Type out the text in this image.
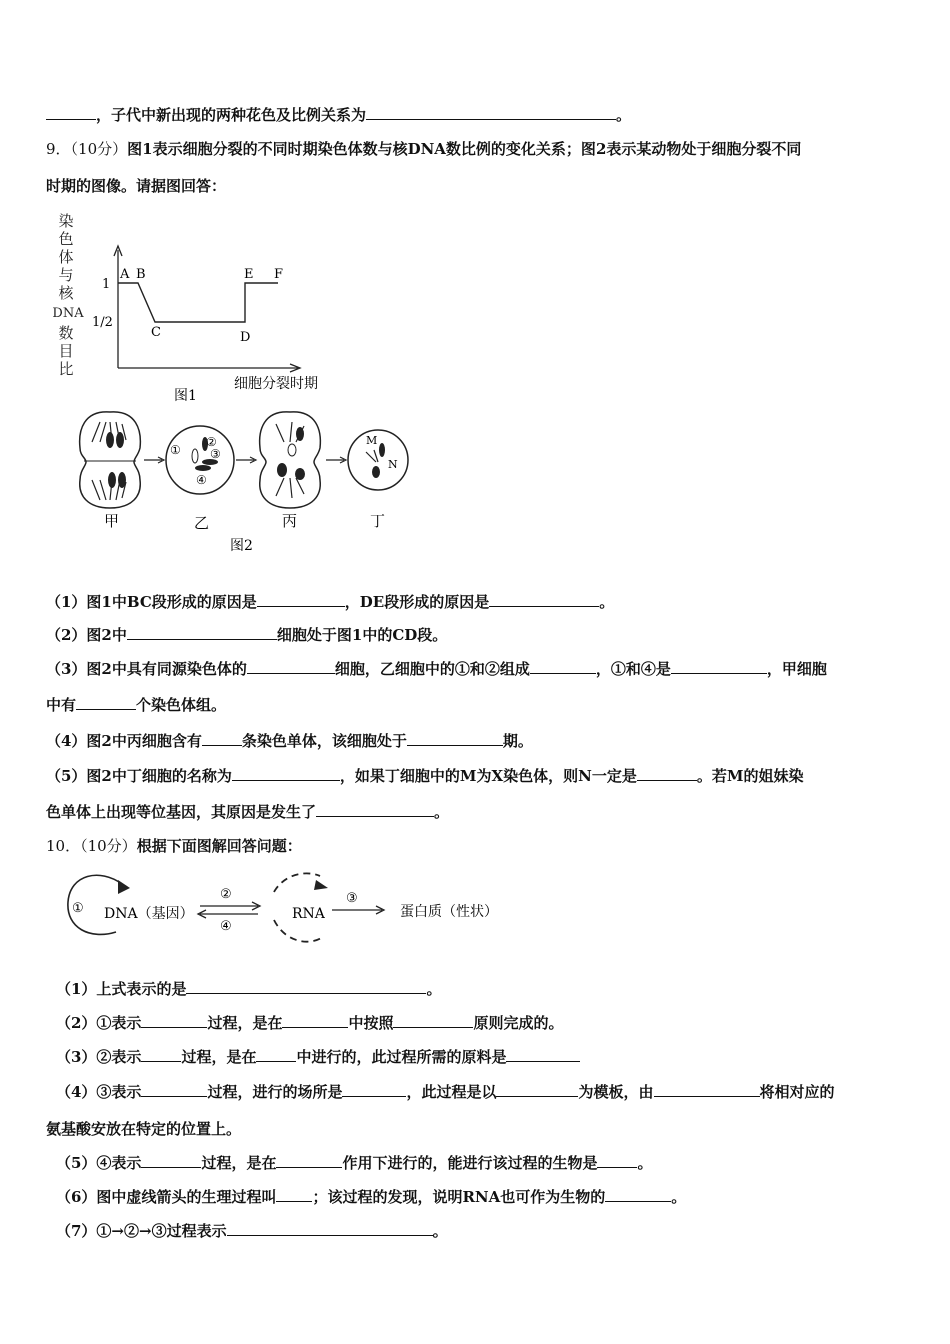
，子代中新出现的两种花色及比例关系为	。
9．（10分）图1表示细胞分裂的不同时期染色体数与核DNA数比例的变化关系；图2表示某动物处于细胞分裂不同
时期的图像。请据图回答：
染
色
体
与
核
DNA
数
目
比
1
1/2
A B
C	D
E F
细胞分裂时期
图1
①
②
③
④
M
N
甲	乙	丙	丁
图2
（1）图1中BC段形成的原因是	，DE段形成的原因是	。
（2）图2中	细胞处于图1中的CD段。
（3）图2中具有同源染色体的	细胞，乙细胞中的①和②组成	，①和④是	，甲细胞
中有	个染色体组。
（4）图2中丙细胞含有	条染色单体，该细胞处于	期。
（5）图2中丁细胞的名称为	，如果丁细胞中的M为X染色体，则N一定是	。若M的姐妹染
色单体上出现等位基因，其原因是发生了	。
10．（10分）根据下面图解回答问题：
① DNA（基因）
②
④
RNA
③
蛋白质（性状）
（1）上式表示的是	。
（2）①表示	过程，是在	中按照	原则完成的。
（3）②表示	过程，是在	中进行的，此过程所需的原料是
（4）③表示	过程，进行的场所是	，此过程是以	为模板，由	将相对应的
氨基酸安放在特定的位置上。
（5）④表示	过程，是在	作用下进行的，能进行该过程的生物是	。
（6）图中虚线箭头的生理过程叫 ；该过程的发现，说明RNA也可作为生物的	。
（7）①→②→③过程表示	。
